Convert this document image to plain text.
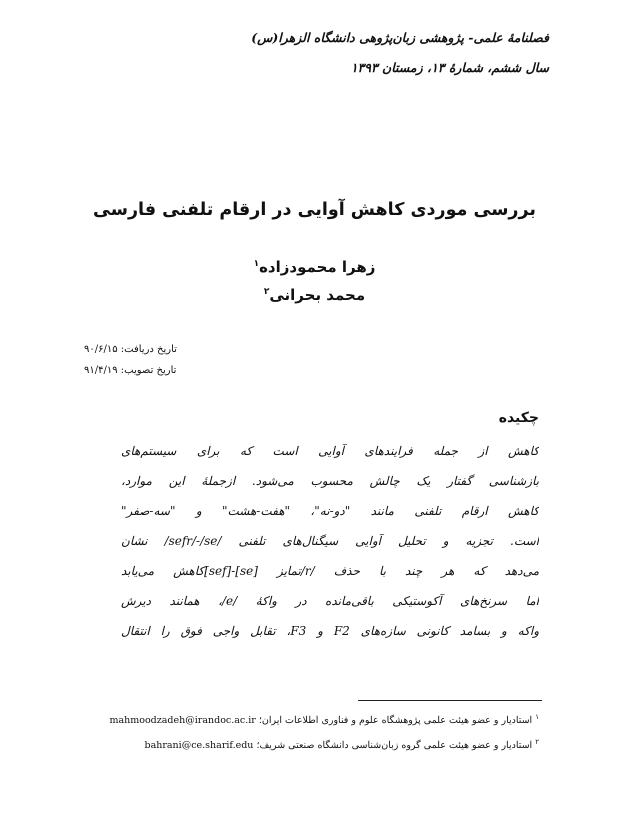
فصلنامهٔ علمی- پژوهشی زبان‌پژوهی دانشگاه الزهرا(س)
سال ششم، شمارهٔ ۱۳، زمستان ۱۳۹۳
بررسی موردی کاهش آوایی در ارقام تلفنی فارسی
زهرا محمودزاده$^۱$
محمد بحرانی$^۲$
تاریخ دریافت: ۹۰/۶/۱۵
تاریخ تصویب: ۹۱/۴/۱۹
چکیده
کاهش از جمله فرایندهای آوایی است که برای سیستم‌های
بازشناسی گفتار یک چالش محسوب می‌شود. ازجملهٔ این موارد،
کاهش ارقام تلفنی مانند "دو-نه"، "هفت-هشت" و "سه-صفر"
است. تجزیه و تحلیل آوایی سیگنال‌های تلفنی /sefr/-/se/ نشان
می‌دهد که هر چند با حذف /r/تمایز [se]-[sef]کاهش می‌یابد
اما سرنخ‌های آکوستیکی باقی‌مانده در واکهٔ /e/، همانند دیرش
واکه و بسامد کانونی سازه‌های F2 و F3، تقابل واجی فوق را انتقال
$^۱$ استادیار و عضو هیئت علمی پژوهشگاه علوم و فناوری اطلاعات ایران؛ mahmoodzadeh@irandoc.ac.ir
$^۲$ استادیار و عضو هیئت علمی گروه زبان‌شناسی دانشگاه صنعتی شریف؛ bahrani@ce.sharif.edu
